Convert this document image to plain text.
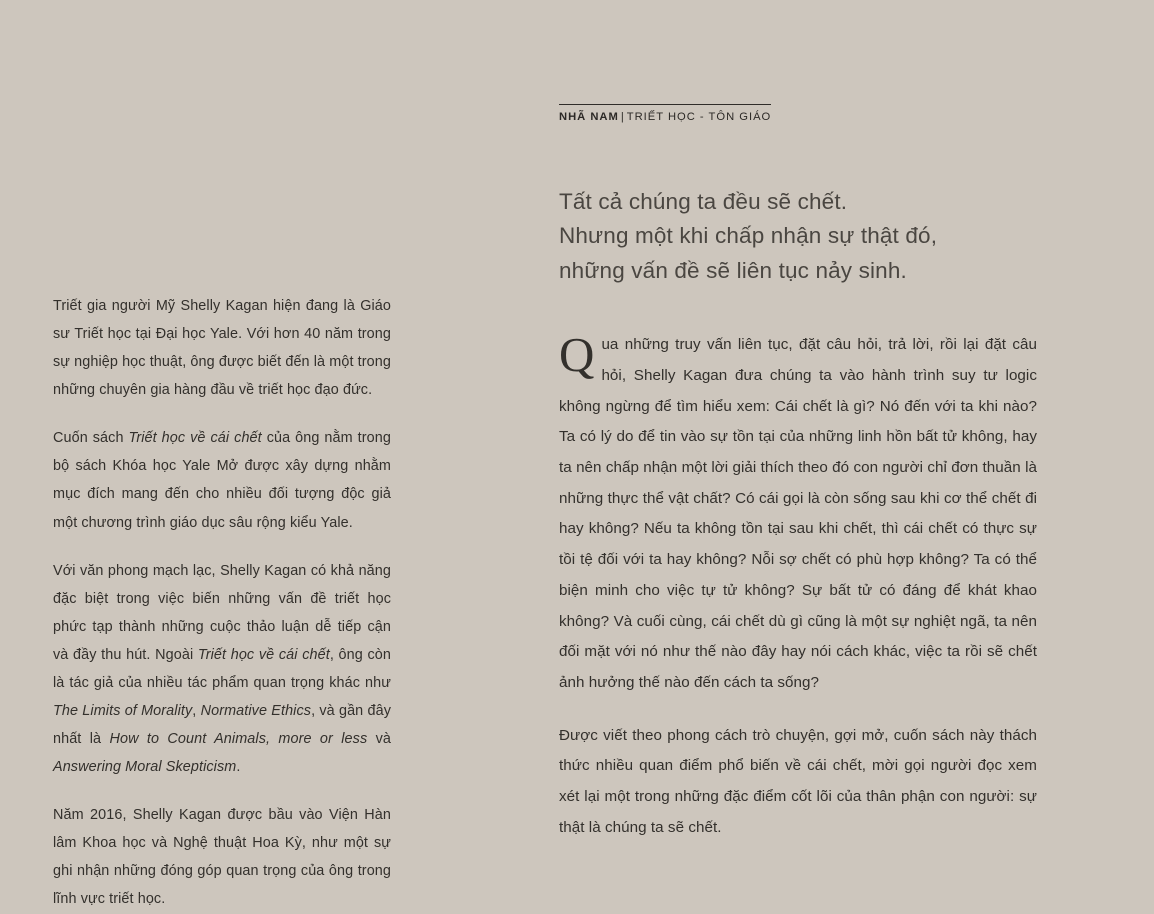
Triết gia người Mỹ Shelly Kagan hiện đang là Giáo sư Triết học tại Đại học Yale. Với hơn 40 năm trong sự nghiệp học thuật, ông được biết đến là một trong những chuyên gia hàng đầu về triết học đạo đức.

Cuốn sách Triết học về cái chết của ông nằm trong bộ sách Khóa học Yale Mở được xây dựng nhằm mục đích mang đến cho nhiều đối tượng độc giả một chương trình giáo dục sâu rộng kiểu Yale.

Với văn phong mạch lạc, Shelly Kagan có khả năng đặc biệt trong việc biến những vấn đề triết học phức tạp thành những cuộc thảo luận dễ tiếp cận và đầy thu hút. Ngoài Triết học về cái chết, ông còn là tác giả của nhiều tác phẩm quan trọng khác như The Limits of Morality, Normative Ethics, và gần đây nhất là How to Count Animals, more or less và Answering Moral Skepticism.

Năm 2016, Shelly Kagan được bầu vào Viện Hàn lâm Khoa học và Nghệ thuật Hoa Kỳ, như một sự ghi nhận những đóng góp quan trọng của ông trong lĩnh vực triết học.

NHÃ NAM | TRIẾT HỌC - TÔN GIÁO
Tất cả chúng ta đều sẽ chết.
Nhưng một khi chấp nhận sự thật đó,
những vấn đề sẽ liên tục nảy sinh.

Qua những truy vấn liên tục, đặt câu hỏi, trả lời, rồi lại đặt câu hỏi, Shelly Kagan đưa chúng ta vào hành trình suy tư logic không ngừng để tìm hiểu xem: Cái chết là gì? Nó đến với ta khi nào? Ta có lý do để tin vào sự tồn tại của những linh hồn bất tử không, hay ta nên chấp nhận một lời giải thích theo đó con người chỉ đơn thuần là những thực thể vật chất? Có cái gọi là còn sống sau khi cơ thể chết đi hay không? Nếu ta không tồn tại sau khi chết, thì cái chết có thực sự tồi tệ đối với ta hay không? Nỗi sợ chết có phù hợp không? Ta có thể biện minh cho việc tự tử không? Sự bất tử có đáng để khát khao không? Và cuối cùng, cái chết dù gì cũng là một sự nghiệt ngã, ta nên đối mặt với nó như thế nào đây hay nói cách khác, việc ta rồi sẽ chết ảnh hưởng thế nào đến cách ta sống?

Được viết theo phong cách trò chuyện, gợi mở, cuốn sách này thách thức nhiều quan điểm phổ biến về cái chết, mời gọi người đọc xem xét lại một trong những đặc điểm cốt lõi của thân phận con người: sự thật là chúng ta sẽ chết.
